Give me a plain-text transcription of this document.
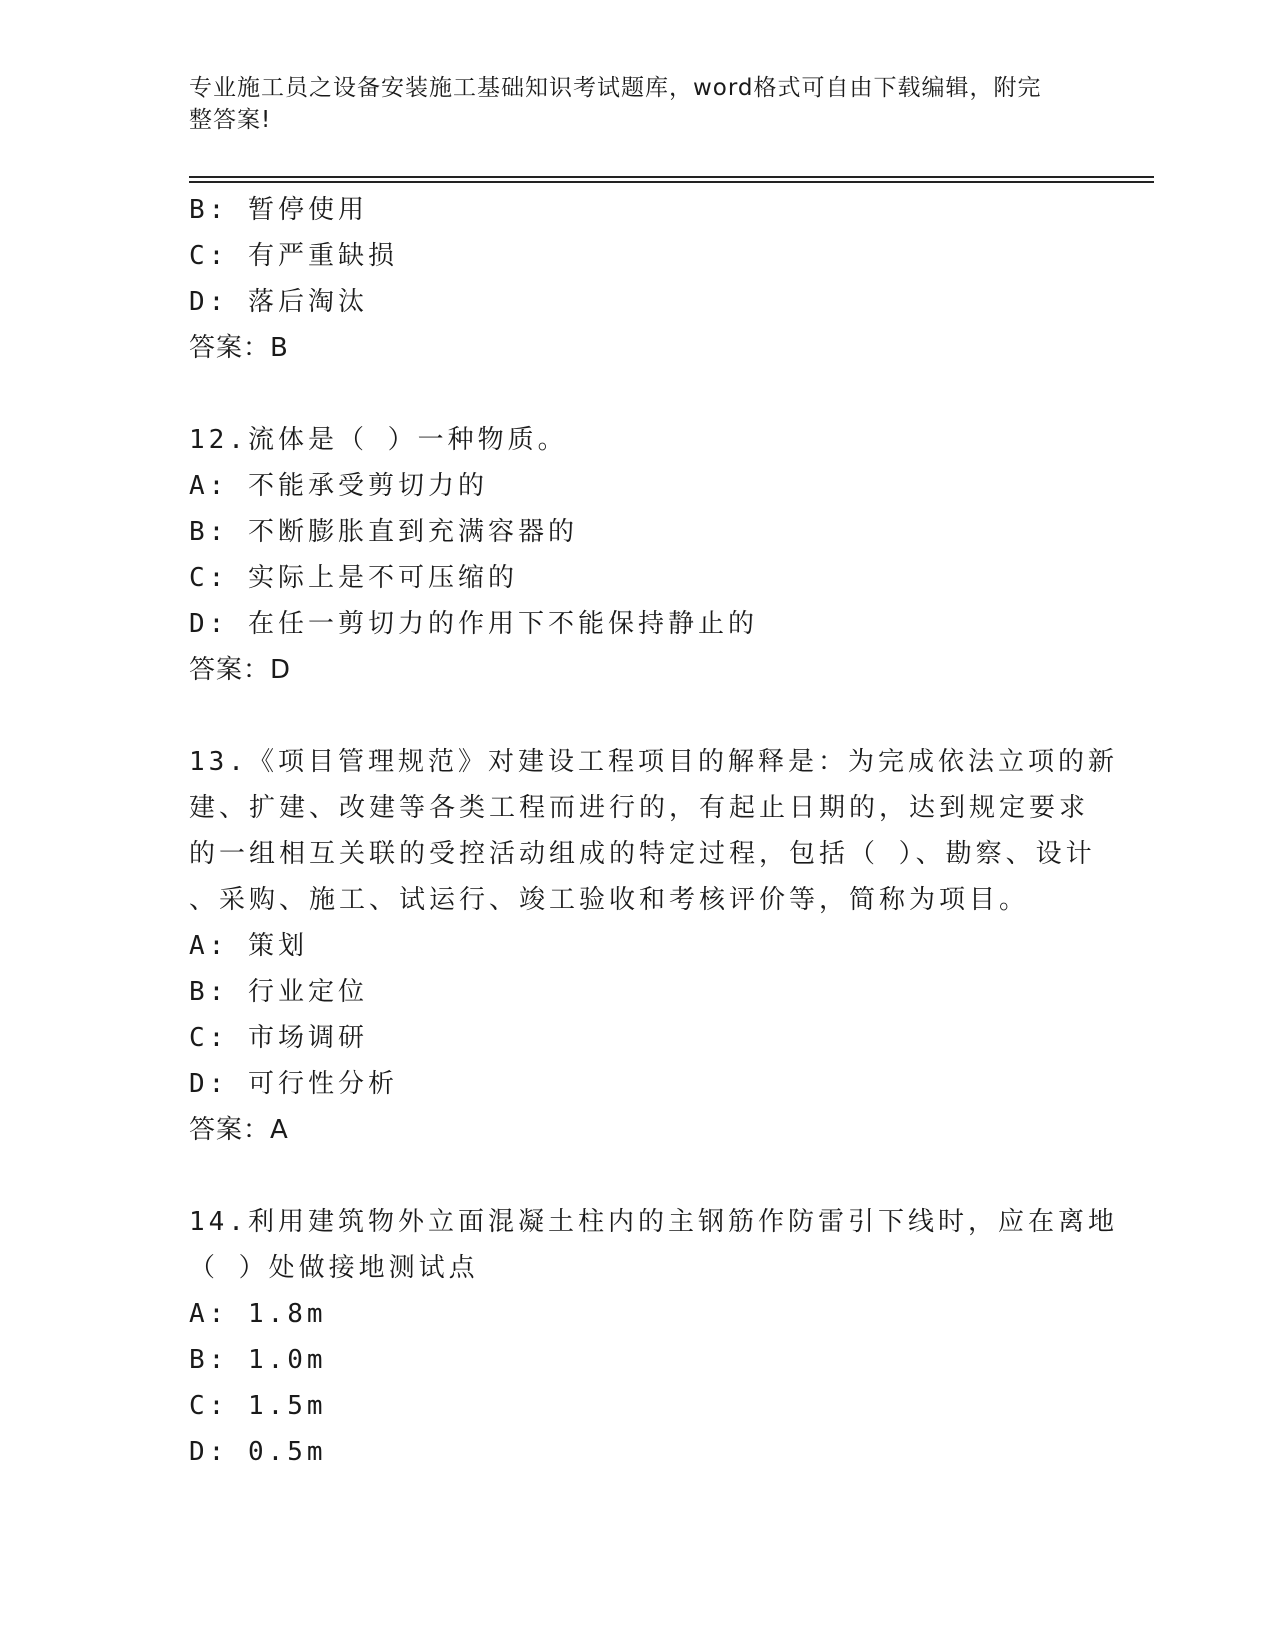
专业施工员之设备安装施工基础知识考试题库，word格式可自由下载编辑，附完
整答案!
B: 暂停使用
C: 有严重缺损
D: 落后淘汰
答案：B
12.流体是（ ）一种物质。
A: 不能承受剪切力的
B: 不断膨胀直到充满容器的
C: 实际上是不可压缩的
D: 在任一剪切力的作用下不能保持静止的
答案：D
13.《项目管理规范》对建设工程项目的解释是：为完成依法立项的新
建、扩建、改建等各类工程而进行的，有起止日期的，达到规定要求
的一组相互关联的受控活动组成的特定过程，包括（ ）、勘察、设计
、采购、施工、试运行、竣工验收和考核评价等，简称为项目。
A: 策划
B: 行业定位
C: 市场调研
D: 可行性分析
答案：A
14.利用建筑物外立面混凝土柱内的主钢筋作防雷引下线时，应在离地
（ ）处做接地测试点
A: 1.8m
B: 1.0m
C: 1.5m
D: 0.5m
